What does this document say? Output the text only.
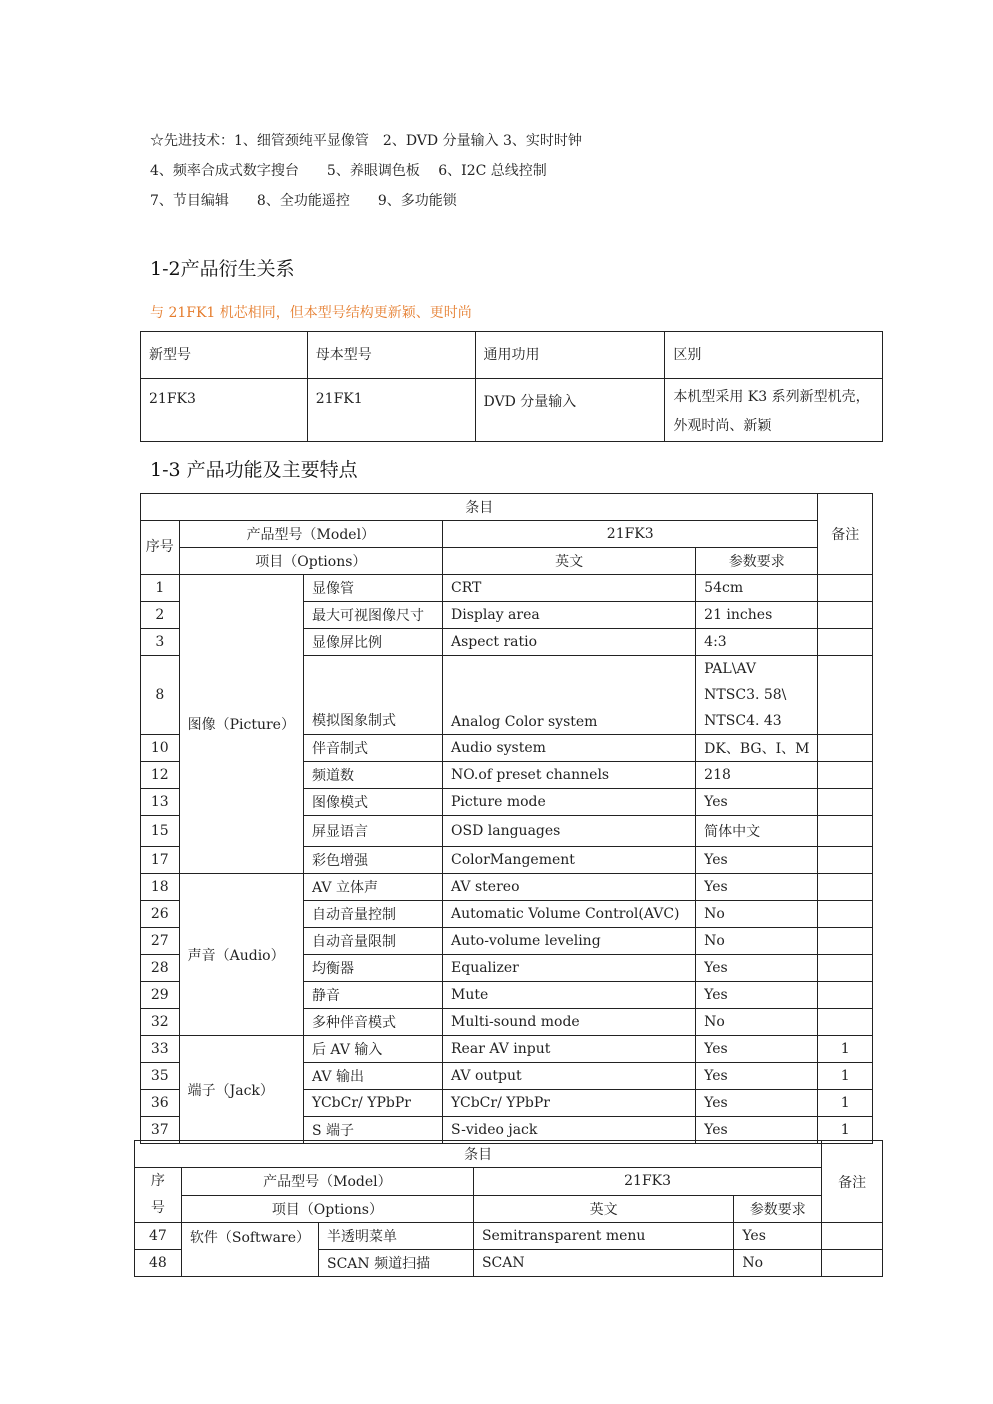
☆先进技术：1、细管颈纯平显像管　2、DVD 分量输入 3、实时时钟
4、频率合成式数字搜台　　5、养眼调色板　 6、I2C 总线控制
7、节目编辑　　8、全功能遥控　　9、多功能锁
1-2产品衍生关系
与 21FK1 机芯相同，但本型号结构更新颖、更时尚
新型号	母本型号	通用功用	区别
21FK3	21FK1	DVD 分量输入	本机型采用 K3 系列新型机壳，外观时尚、新颖
1-3 产品功能及主要特点
条目					备注
序号	产品型号（Model）		21FK3		
	项目（Options）		英文	参数要求	
1	图像（Picture）	显像管	CRT	54cm	
2		最大可视图像尺寸	Display area	21 inches	
3		显像屏比例	Aspect ratio	4:3	
8		模拟图象制式	Analog Color system	PAL\AV
NTSC3. 58\
NTSC4. 43	

10		伴音制式	Audio system	DK、BG、I、M	
12		频道数	NO.of preset channels	218	
13		图像模式	Picture mode	Yes	
15		屏显语言	OSD languages	简体中文	
17		彩色增强	ColorMangement	Yes	
18	声音（Audio）	AV 立体声	AV stereo	Yes	
26		自动音量控制	Automatic Volume Control(AVC)	No	
27		自动音量限制	Auto-volume leveling	No	
28		均衡器	Equalizer	Yes	
29		静音	Mute	Yes	
32		多种伴音模式	Multi-sound mode	No	
33	端子（Jack）	后 AV 输入	Rear AV input	Yes	1
35		AV 输出	AV output	Yes	1
36		YCbCr/ YPbPr	YCbCr/ YPbPr	Yes	1
37		S 端子	S-video jack	Yes	1
条目					备注
序号	产品型号（Model）		21FK3		
	项目（Options）		英文	参数要求	
47	软件（Software）	半透明菜单	Semitransparent menu	Yes	
48		SCAN 频道扫描	SCAN	No	
